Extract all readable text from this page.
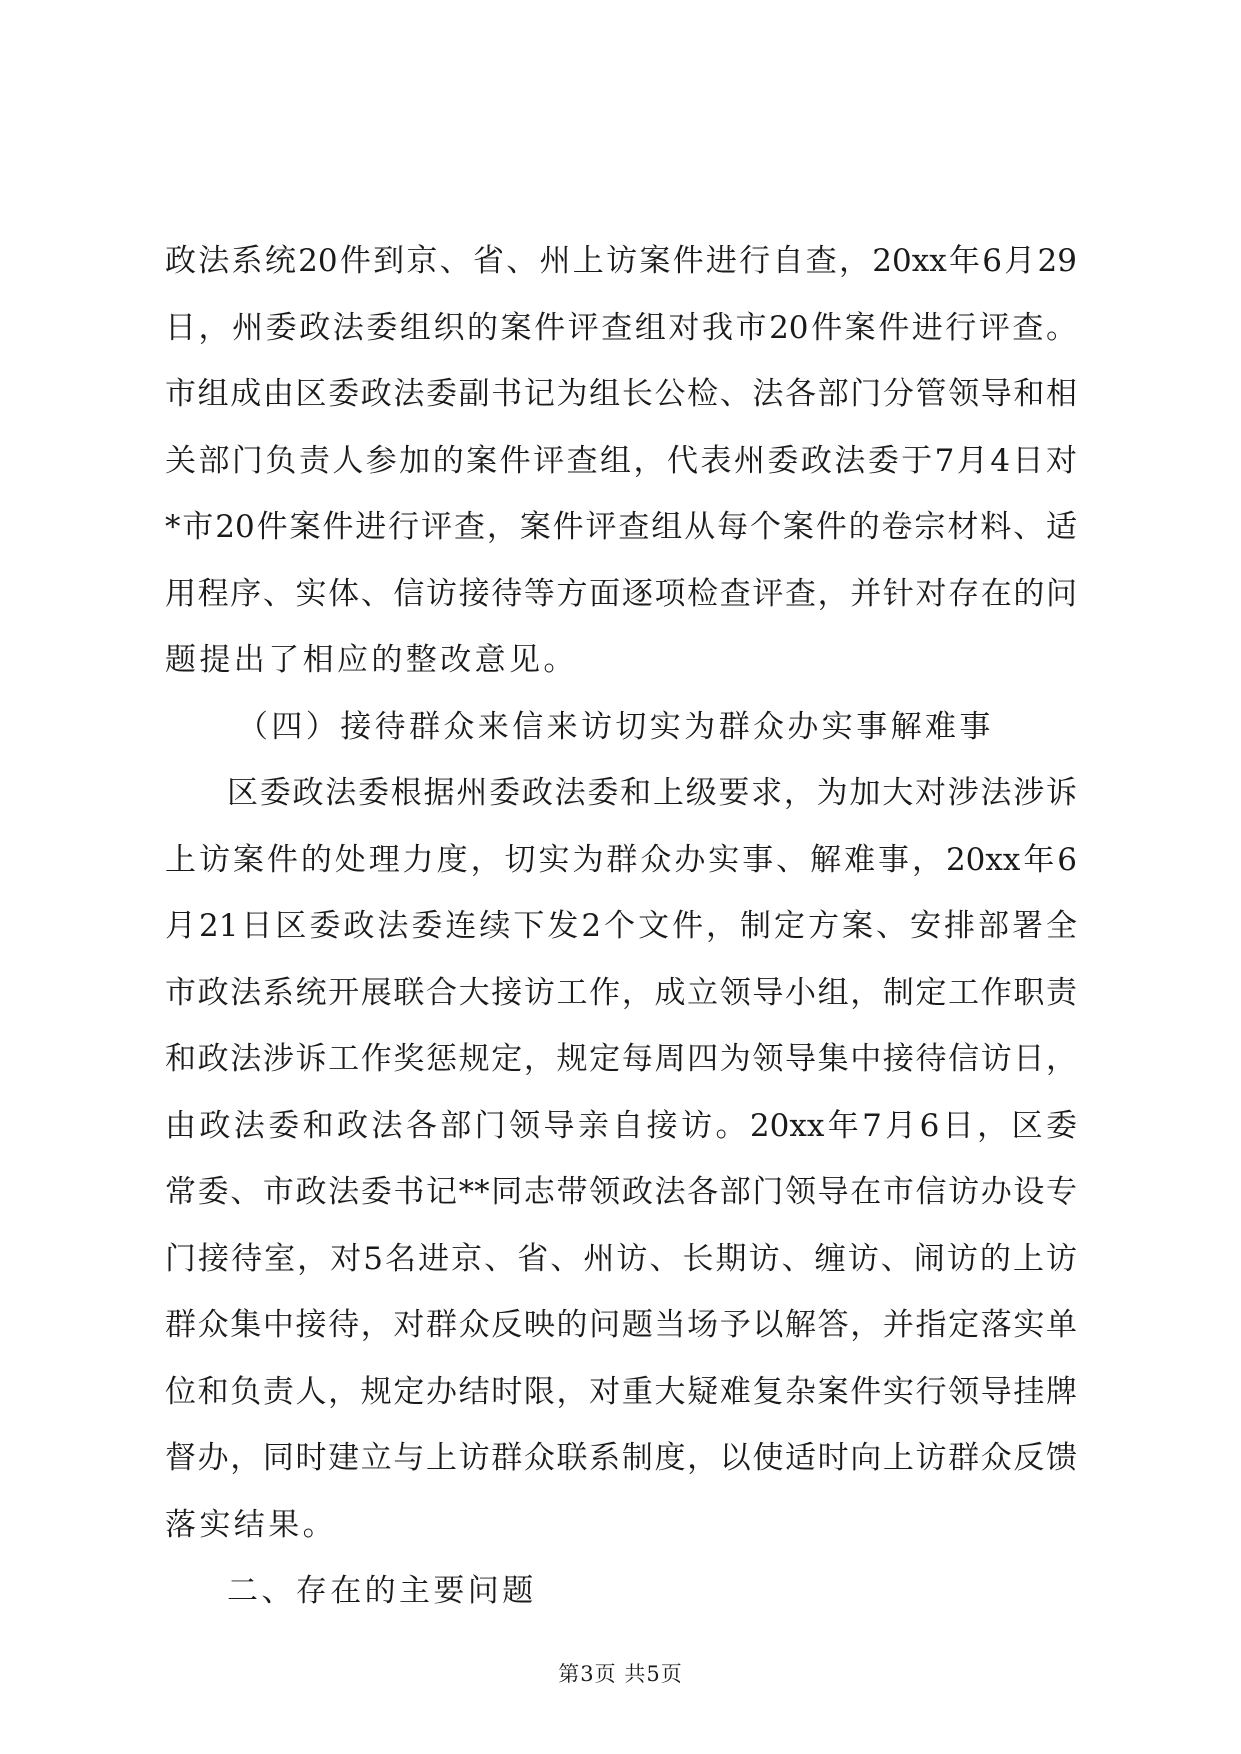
政法系统20件到京、省、州上访案件进行自查，20xx年6月29
日，州委政法委组织的案件评查组对我市20件案件进行评查。
市组成由区委政法委副书记为组长公检、法各部门分管领导和相
关部门负责人参加的案件评查组，代表州委政法委于7月4日对
*市20件案件进行评查，案件评查组从每个案件的卷宗材料、适
用程序、实体、信访接待等方面逐项检查评查，并针对存在的问
题提出了相应的整改意见。
（四）接待群众来信来访切实为群众办实事解难事
区委政法委根据州委政法委和上级要求，为加大对涉法涉诉
上访案件的处理力度，切实为群众办实事、解难事，20xx年6
月21日区委政法委连续下发2个文件，制定方案、安排部署全
市政法系统开展联合大接访工作，成立领导小组，制定工作职责
和政法涉诉工作奖惩规定，规定每周四为领导集中接待信访日，
由政法委和政法各部门领导亲自接访。20xx年7月6日，区委
常委、市政法委书记**同志带领政法各部门领导在市信访办设专
门接待室，对5名进京、省、州访、长期访、缠访、闹访的上访
群众集中接待，对群众反映的问题当场予以解答，并指定落实单
位和负责人，规定办结时限，对重大疑难复杂案件实行领导挂牌
督办，同时建立与上访群众联系制度，以使适时向上访群众反馈
落实结果。
二、存在的主要问题
第3页 共5页
